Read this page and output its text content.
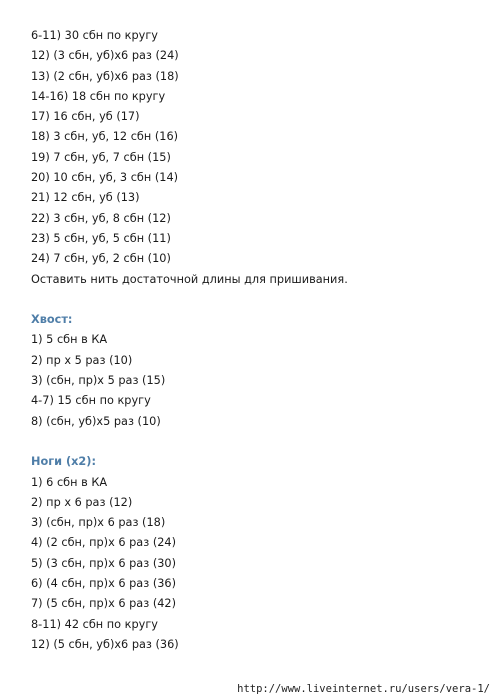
6-11) 30 сбн по кругу
12) (3 сбн, уб)х6 раз (24)
13) (2 сбн, уб)х6 раз (18)
14-16) 18 сбн по кругу
17) 16 сбн, уб (17)
18) 3 сбн, уб, 12 сбн (16)
19) 7 сбн, уб, 7 сбн (15)
20) 10 сбн, уб, 3 сбн (14)
21) 12 сбн, уб (13)
22) 3 сбн, уб, 8 сбн (12)
23) 5 сбн, уб, 5 сбн (11)
24) 7 сбн, уб, 2 сбн (10)
Оставить нить достаточной длины для пришивания.
Хвост:
1) 5 сбн в КА
2) пр х 5 раз (10)
3) (сбн, пр)х 5 раз (15)
4-7) 15 сбн по кругу
8) (сбн, уб)х5 раз (10)
Ноги (х2):
1) 6 сбн в КА
2) пр х 6 раз (12)
3) (сбн, пр)х 6 раз (18)
4) (2 сбн, пр)х 6 раз (24)
5) (3 сбн, пр)х 6 раз (30)
6) (4 сбн, пр)х 6 раз (36)
7) (5 сбн, пр)х 6 раз (42)
8-11) 42 сбн по кругу
12) (5 сбн, уб)х6 раз (36)
http://www.liveinternet.ru/users/vera-1/
